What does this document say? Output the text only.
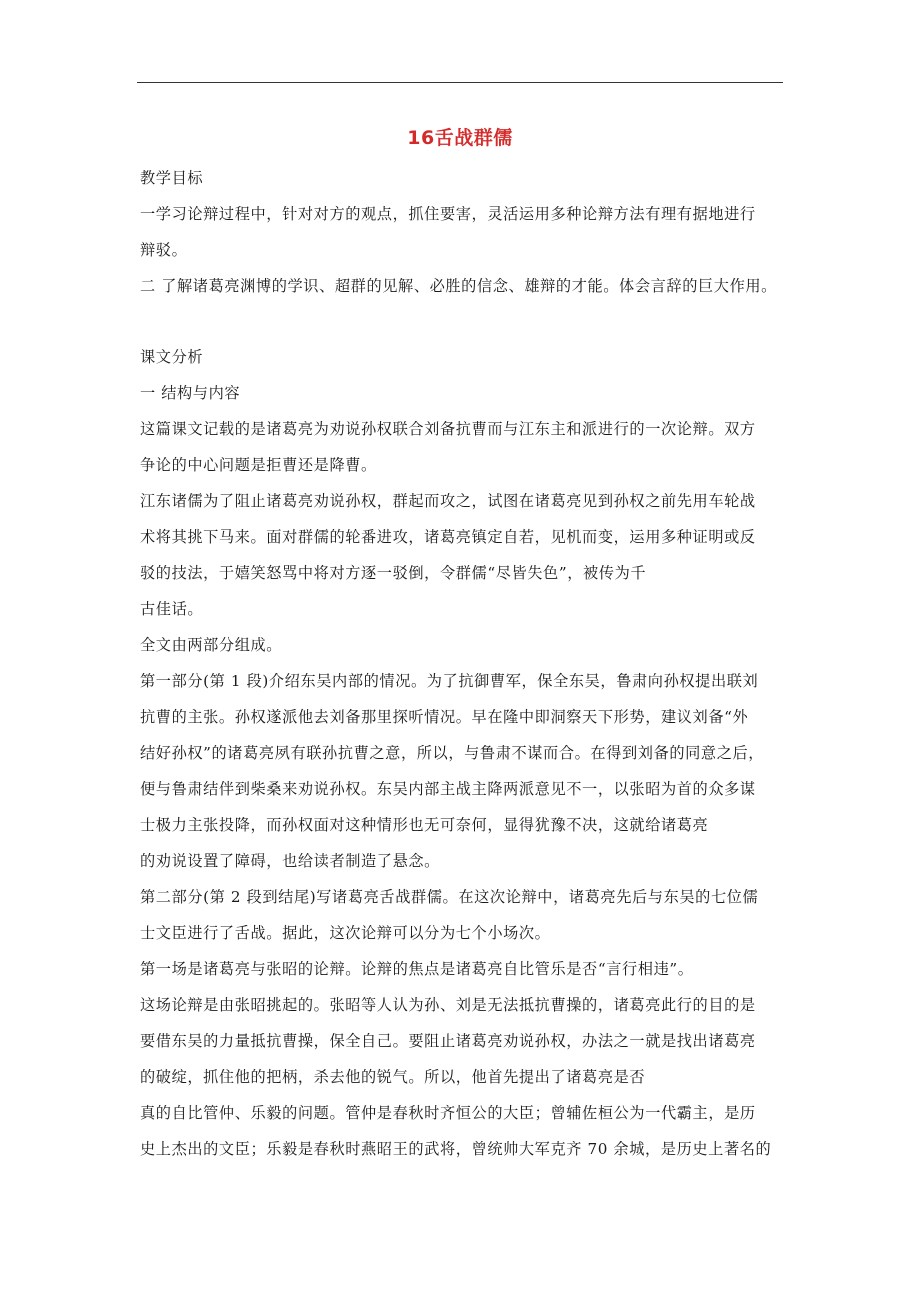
16舌战群儒
教学目标
一学习论辩过程中，针对对方的观点，抓住要害，灵活运用多种论辩方法有理有据地进行
辩驳。
二 了解诸葛亮渊博的学识、超群的见解、必胜的信念、雄辩的才能。体会言辞的巨大作用。
课文分析
一 结构与内容
这篇课文记载的是诸葛亮为劝说孙权联合刘备抗曹而与江东主和派进行的一次论辩。双方
争论的中心问题是拒曹还是降曹。
江东诸儒为了阻止诸葛亮劝说孙权，群起而攻之，试图在诸葛亮见到孙权之前先用车轮战
术将其挑下马来。面对群儒的轮番进攻，诸葛亮镇定自若，见机而变，运用多种证明或反
驳的技法，于嬉笑怒骂中将对方逐一驳倒，令群儒“尽皆失色”，被传为千
古佳话。
全文由两部分组成。
第一部分(第 1 段)介绍东吴内部的情况。为了抗御曹军，保全东吴，鲁肃向孙权提出联刘
抗曹的主张。孙权遂派他去刘备那里探听情况。早在隆中即洞察天下形势，建议刘备“外
结好孙权”的诸葛亮夙有联孙抗曹之意，所以，与鲁肃不谋而合。在得到刘备的同意之后，
便与鲁肃结伴到柴桑来劝说孙权。东吴内部主战主降两派意见不一，以张昭为首的众多谋
士极力主张投降，而孙权面对这种情形也无可奈何，显得犹豫不决，这就给诸葛亮
的劝说设置了障碍，也给读者制造了悬念。
第二部分(第 2 段到结尾)写诸葛亮舌战群儒。在这次论辩中，诸葛亮先后与东吴的七位儒
士文臣进行了舌战。据此，这次论辩可以分为七个小场次。
第一场是诸葛亮与张昭的论辩。论辩的焦点是诸葛亮自比管乐是否“言行相违”。
这场论辩是由张昭挑起的。张昭等人认为孙、刘是无法抵抗曹操的，诸葛亮此行的目的是
要借东吴的力量抵抗曹操，保全自己。要阻止诸葛亮劝说孙权，办法之一就是找出诸葛亮
的破绽，抓住他的把柄，杀去他的锐气。所以，他首先提出了诸葛亮是否
真的自比管仲、乐毅的问题。管仲是春秋时齐恒公的大臣；曾辅佐桓公为一代霸主，是历
史上杰出的文臣；乐毅是春秋时燕昭王的武将，曾统帅大军克齐 70 余城，是历史上著名的
